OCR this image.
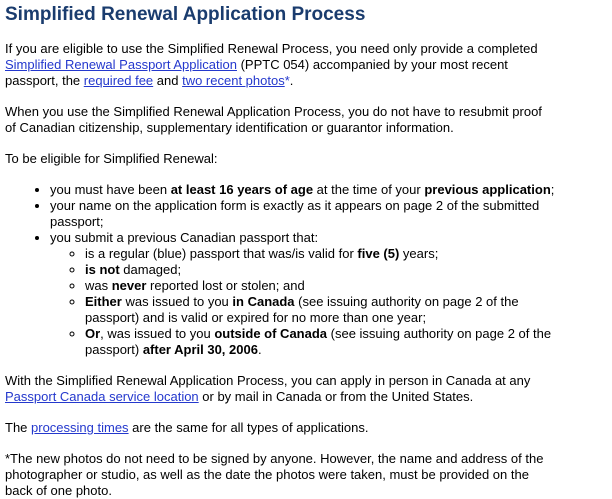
Simplified Renewal Application Process

If you are eligible to use the Simplified Renewal Process, you need only provide a completed
Simplified Renewal Passport Application (PPTC 054) accompanied by your most recent
passport, the required fee and two recent photos*.

When you use the Simplified Renewal Application Process, you do not have to resubmit proof
of Canadian citizenship, supplementary identification or guarantor information.

To be eligible for Simplified Renewal:

• you must have been at least 16 years of age at the time of your previous application;
• your name on the application form is exactly as it appears on page 2 of the submitted
passport;
• you submit a previous Canadian passport that:
◦ is a regular (blue) passport that was/is valid for five (5) years;
◦ is not damaged;
◦ was never reported lost or stolen; and
◦ Either was issued to you in Canada (see issuing authority on page 2 of the
passport) and is valid or expired for no more than one year;
◦ Or, was issued to you outside of Canada (see issuing authority on page 2 of the
passport) after April 30, 2006.

With the Simplified Renewal Application Process, you can apply in person in Canada at any
Passport Canada service location or by mail in Canada or from the United States.

The processing times are the same for all types of applications.

*The new photos do not need to be signed by anyone. However, the name and address of the
photographer or studio, as well as the date the photos were taken, must be provided on the
back of one photo.
